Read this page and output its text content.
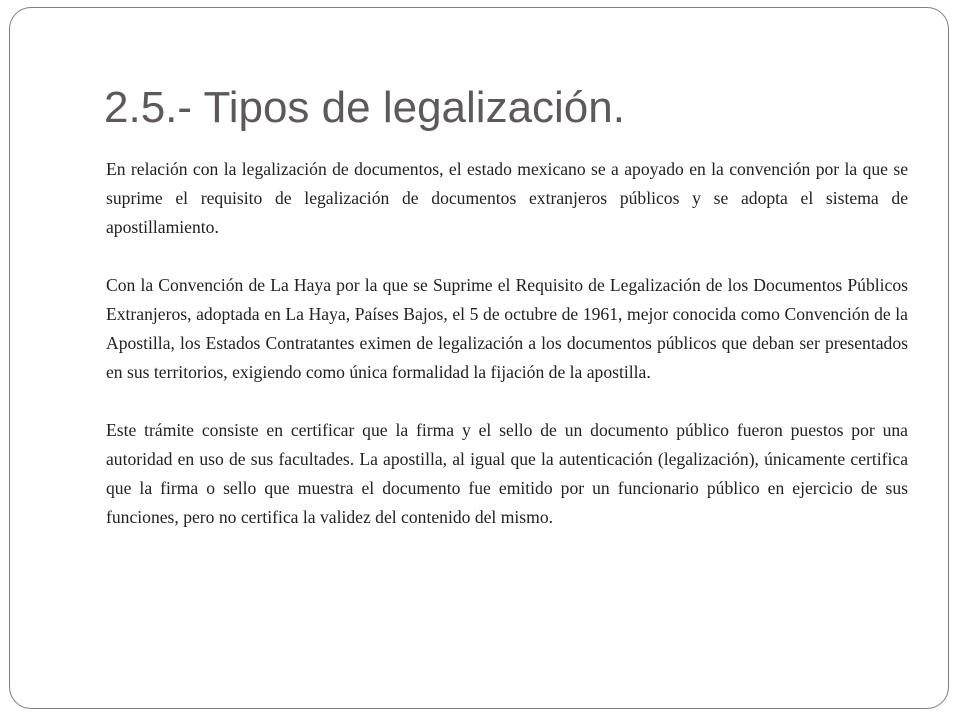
2.5.- Tipos de legalización.

En relación con la legalización de documentos, el estado mexicano se a apoyado en la convención por la que se suprime el requisito de legalización de documentos extranjeros públicos y se adopta el sistema de apostillamiento.

Con la Convención de La Haya por la que se Suprime el Requisito de Legalización de los Documentos Públicos Extranjeros, adoptada en La Haya, Países Bajos, el 5 de octubre de 1961, mejor conocida como Convención de la Apostilla, los Estados Contratantes eximen de legalización a los documentos públicos que deban ser presentados en sus territorios, exigiendo como única formalidad la fijación de la apostilla.

Este trámite consiste en certificar que la firma y el sello de un documento público fueron puestos por una autoridad en uso de sus facultades. La apostilla, al igual que la autenticación (legalización), únicamente certifica que la firma o sello que muestra el documento fue emitido por un funcionario público en ejercicio de sus funciones, pero no certifica la validez del contenido del mismo.
